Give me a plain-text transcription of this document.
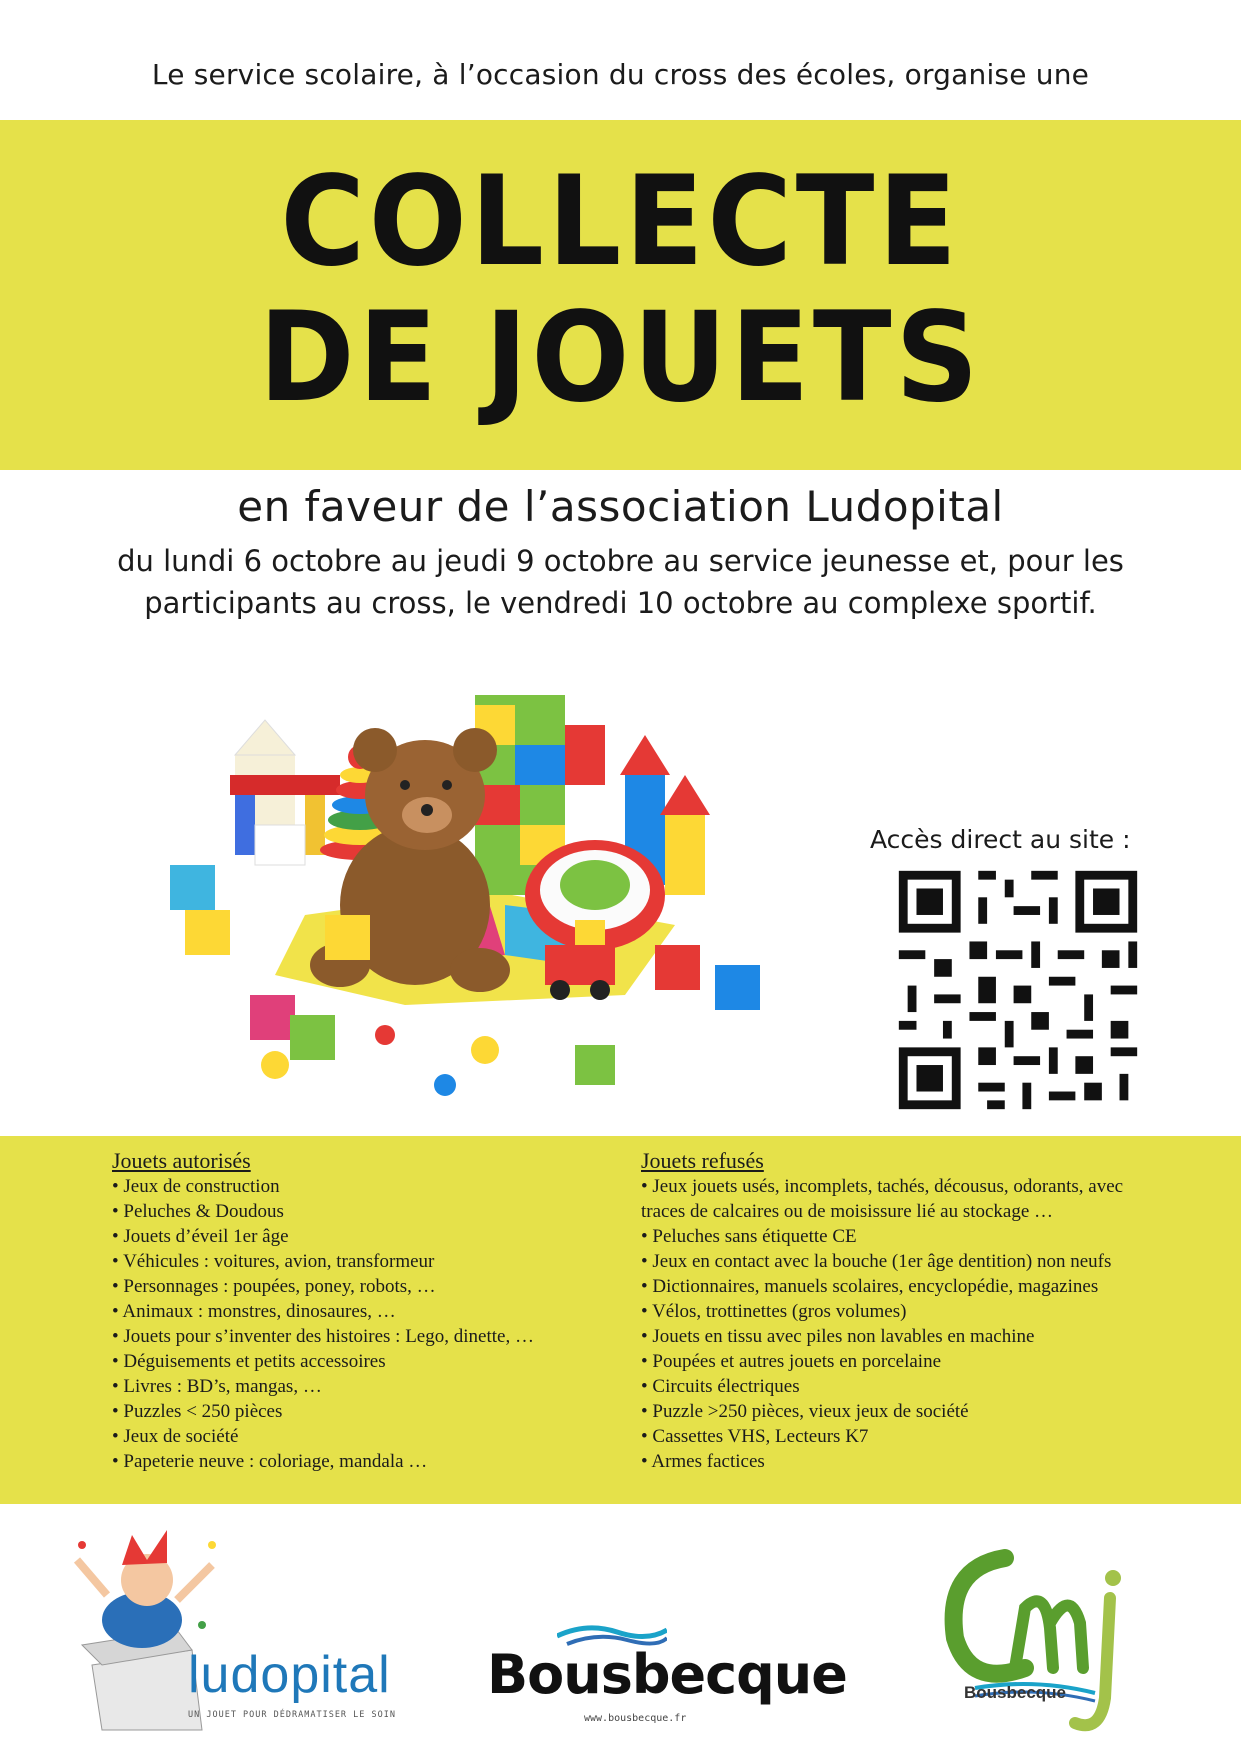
Le service scolaire, à l’occasion du cross des écoles, organise une
COLLECTE
DE JOUETS
en faveur de l’association Ludopital
du lundi 6 octobre au jeudi 9 octobre au service jeunesse et, pour les
participants au cross, le vendredi 10 octobre au complexe sportif.
Accès direct au site :
Jouets autorisés
• Jeux de construction
• Peluches & Doudous
• Jouets d’éveil 1er âge
• Véhicules : voitures, avion, transformeur
• Personnages : poupées, poney, robots, …
• Animaux : monstres, dinosaures, …
• Jouets pour s’inventer des histoires : Lego, dinette, …
• Déguisements et petits accessoires
• Livres : BD’s, mangas, …
• Puzzles < 250 pièces
• Jeux de société
• Papeterie neuve : coloriage, mandala …
Jouets refusés
• Jeux jouets usés, incomplets, tachés, décousus, odorants, avec
traces de calcaires ou de moisissure lié au stockage …
• Peluches sans étiquette CE
• Jeux en contact avec la bouche (1er âge dentition) non neufs
• Dictionnaires, manuels scolaires, encyclopédie, magazines
• Vélos, trottinettes (gros volumes)
• Jouets en tissu avec piles non lavables en machine
• Poupées et autres jouets en porcelaine
• Circuits électriques
• Puzzle >250 pièces, vieux jeux de société
• Cassettes VHS, Lecteurs K7
• Armes factices
ludopital
UN JOUET POUR DÉDRAMATISER LE SOIN
Bousbecque
www.bousbecque.fr
Bousbecque
